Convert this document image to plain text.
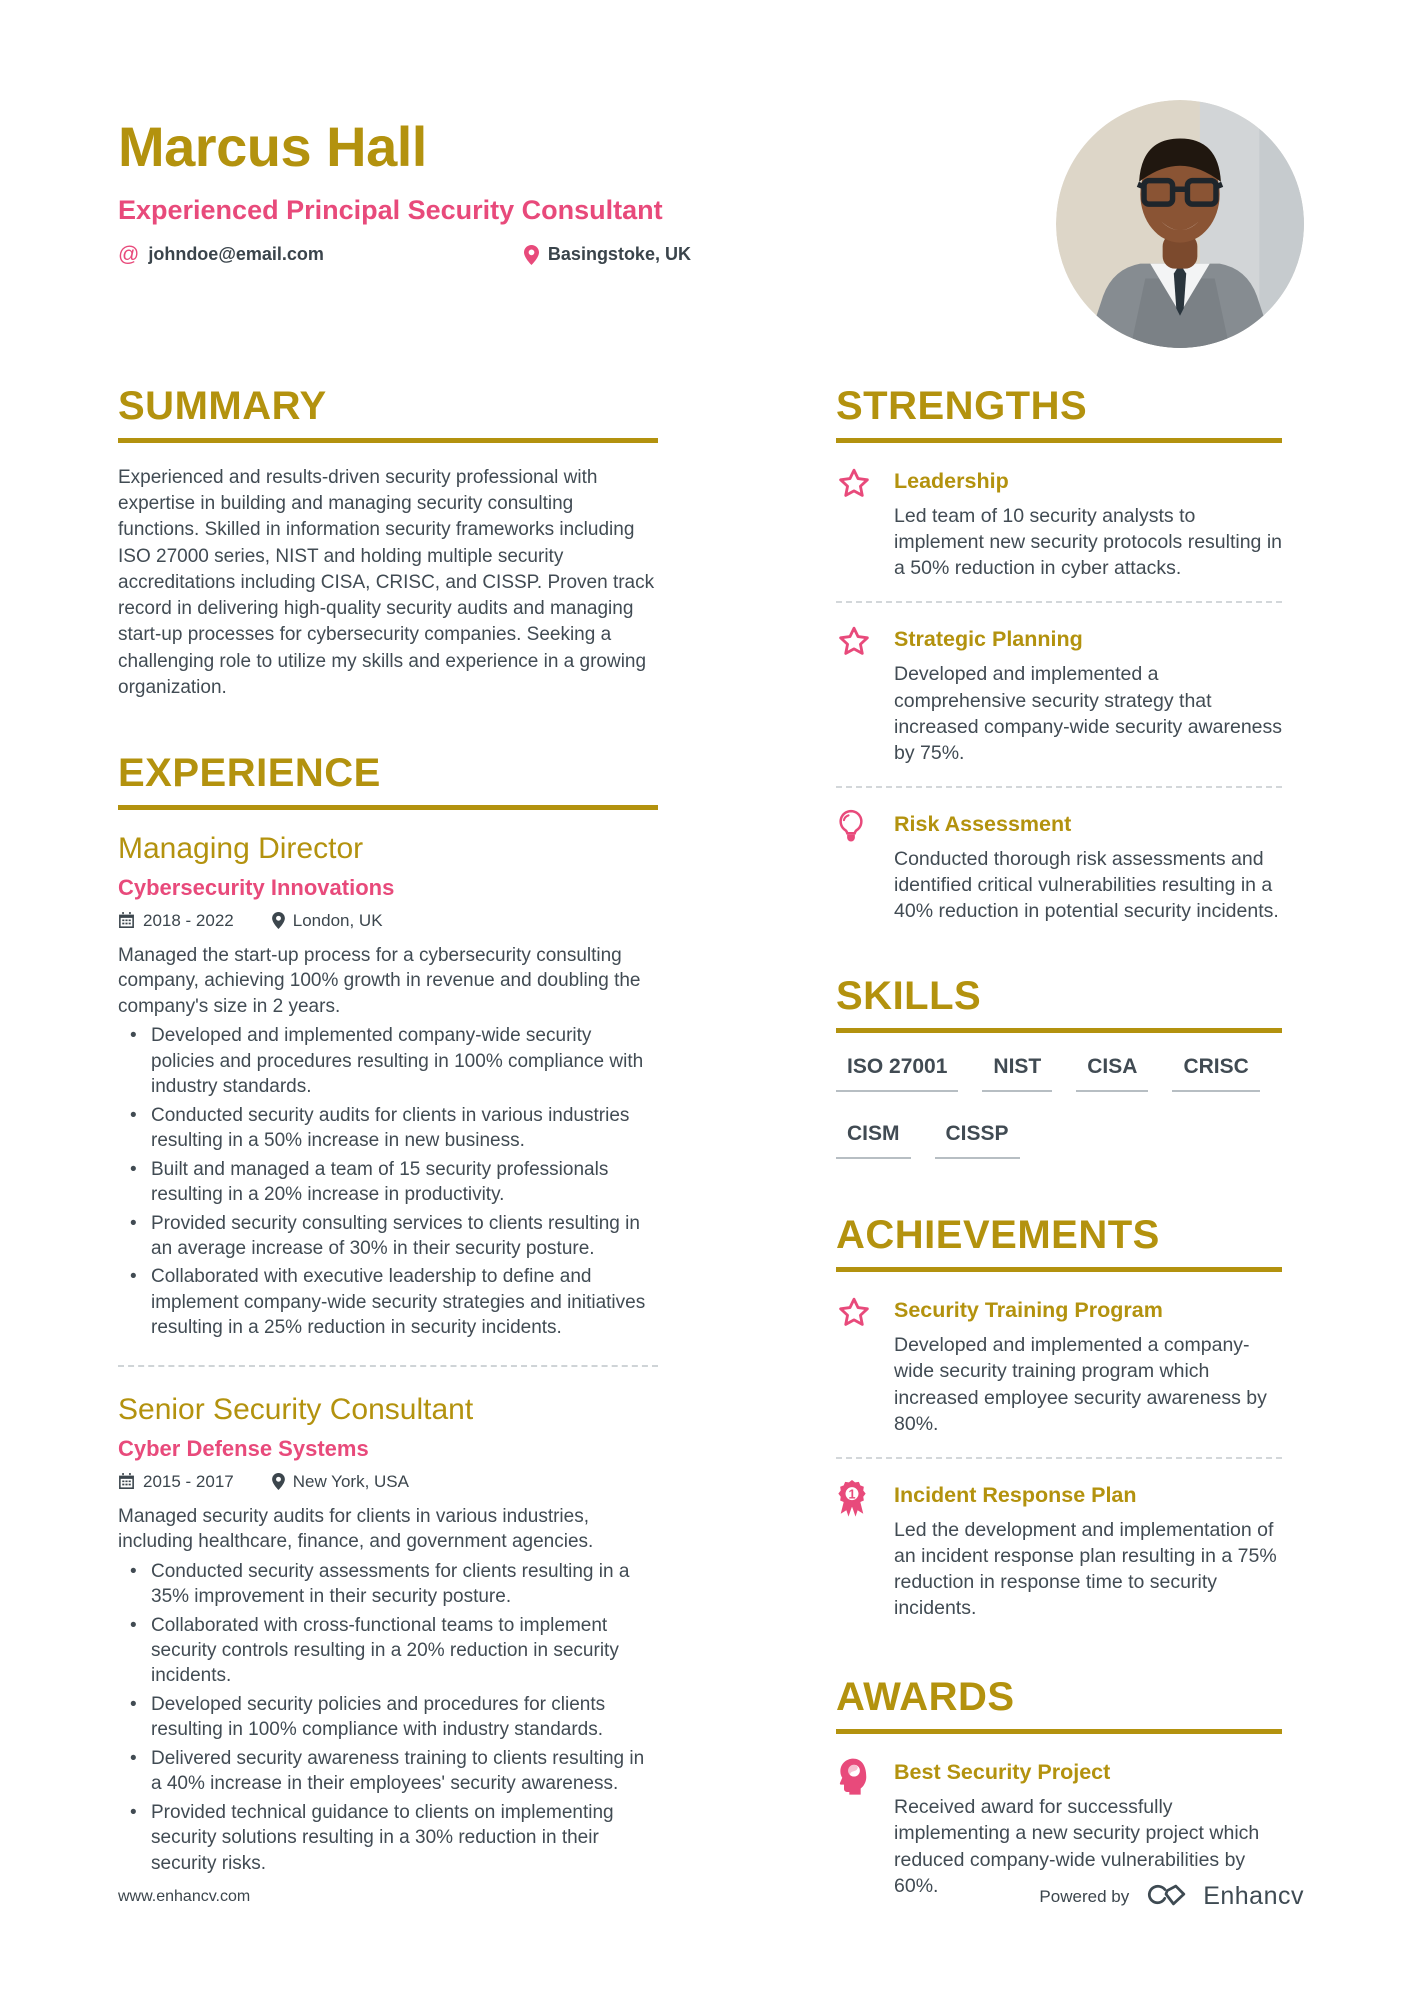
Marcus Hall
Experienced Principal Security Consultant
@ johndoe@email.com	Basingstoke, UK
SUMMARY

Experienced and results-driven security professional with expertise in building and managing security consulting functions. Skilled in information security frameworks including ISO 27000 series, NIST and holding multiple security accreditations including CISA, CRISC, and CISSP. Proven track record in delivering high-quality security audits and managing start-up processes for cybersecurity companies. Seeking a challenging role to utilize my skills and experience in a growing organization.

EXPERIENCE
Managing Director
Cybersecurity Innovations
2018 - 2022	London, UK

Managed the start-up process for a cybersecurity consulting company, achieving 100% growth in revenue and doubling the company's size in 2 years.

• Developed and implemented company-wide security policies and procedures resulting in 100% compliance with industry standards.
• Conducted security audits for clients in various industries resulting in a 50% increase in new business.
• Built and managed a team of 15 security professionals resulting in a 20% increase in productivity.
• Provided security consulting services to clients resulting in an average increase of 30% in their security posture.
• Collaborated with executive leadership to define and implement company-wide security strategies and initiatives resulting in a 25% reduction in security incidents.
Senior Security Consultant
Cyber Defense Systems
2015 - 2017	New York, USA

Managed security audits for clients in various industries, including healthcare, finance, and government agencies.

• Conducted security assessments for clients resulting in a 35% improvement in their security posture.
• Collaborated with cross-functional teams to implement security controls resulting in a 20% reduction in security incidents.
• Developed security policies and procedures for clients resulting in 100% compliance with industry standards.
• Delivered security awareness training to clients resulting in a 40% increase in their employees' security awareness.
• Provided technical guidance to clients on implementing security solutions resulting in a 30% reduction in their security risks.
STRENGTHS
Leadership
Led team of 10 security analysts to implement new security protocols resulting in a 50% reduction in cyber attacks.
Strategic Planning
Developed and implemented a comprehensive security strategy that increased company-wide security awareness by 75%.
Risk Assessment
Conducted thorough risk assessments and identified critical vulnerabilities resulting in a 40% reduction in potential security incidents.
SKILLS
ISO 27001	NIST	CISA	CRISC
CISM	CISSP
ACHIEVEMENTS
Security Training Program
Developed and implemented a company-wide security training program which increased employee security awareness by 80%.
1 Incident Response Plan
Led the development and implementation of an incident response plan resulting in a 75% reduction in response time to security incidents.
AWARDS
Best Security Project
Received award for successfully implementing a new security project which reduced company-wide vulnerabilities by 60%.
www.enhancv.com	Powered by	Enhancv
